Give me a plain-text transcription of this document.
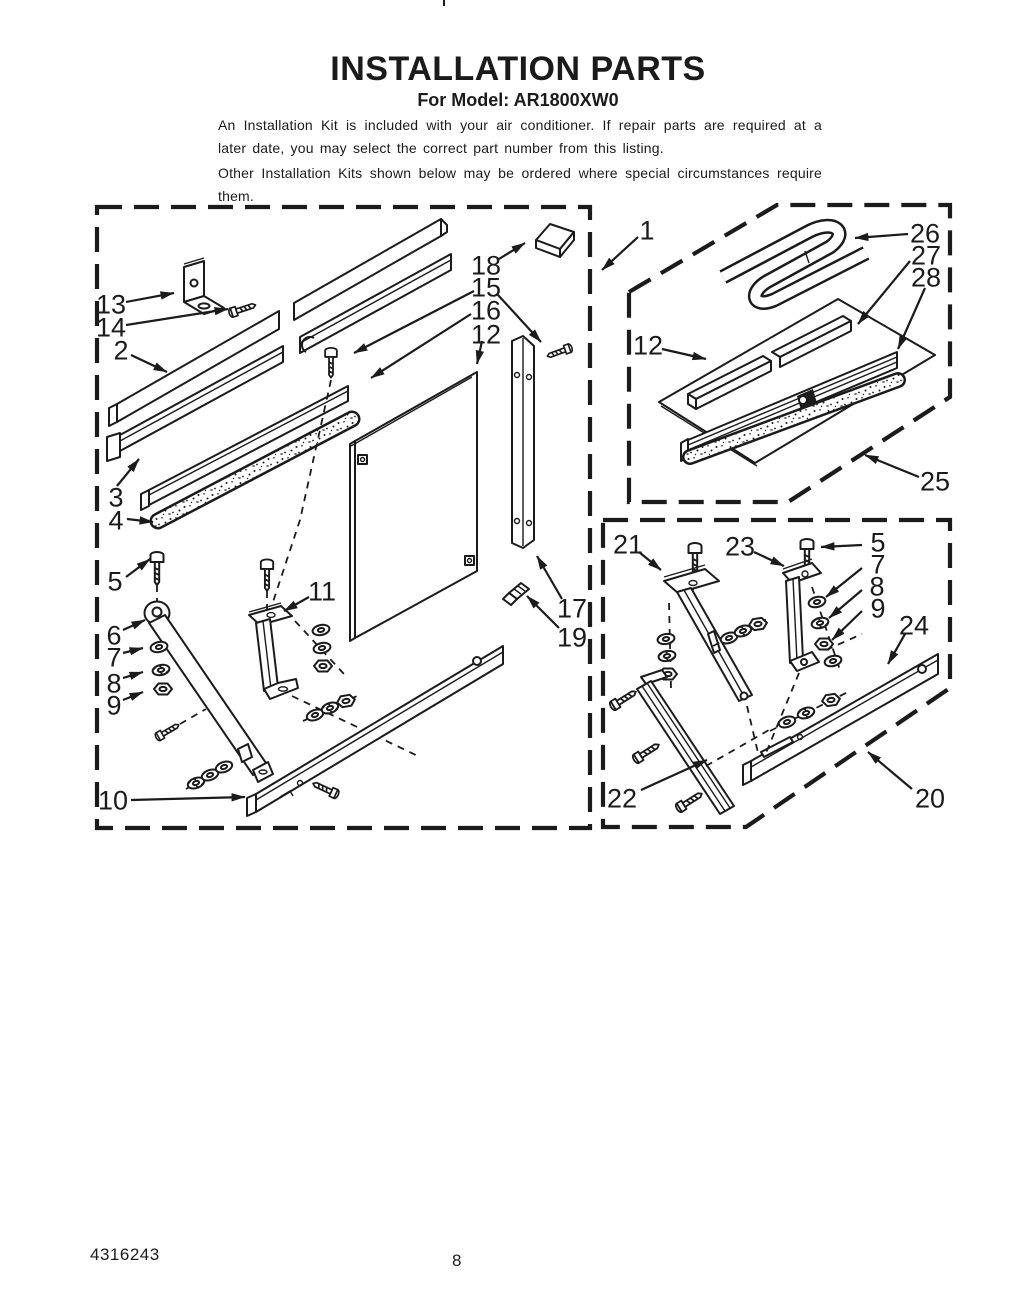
INSTALLATION PARTS
For Model: AR1800XW0

An Installation Kit is included with your air conditioner. If repair parts are required at a later date, you may select the correct part number from this listing.

Other Installation Kits shown below may be ordered where special circumstances require them.

13
14
2
3
4
5
6
7
8
9
10
11
18
15
16
12
17
19
1	26
27
28
12
25
21	23	5
7
8
9
24
22	20
4316243	8
